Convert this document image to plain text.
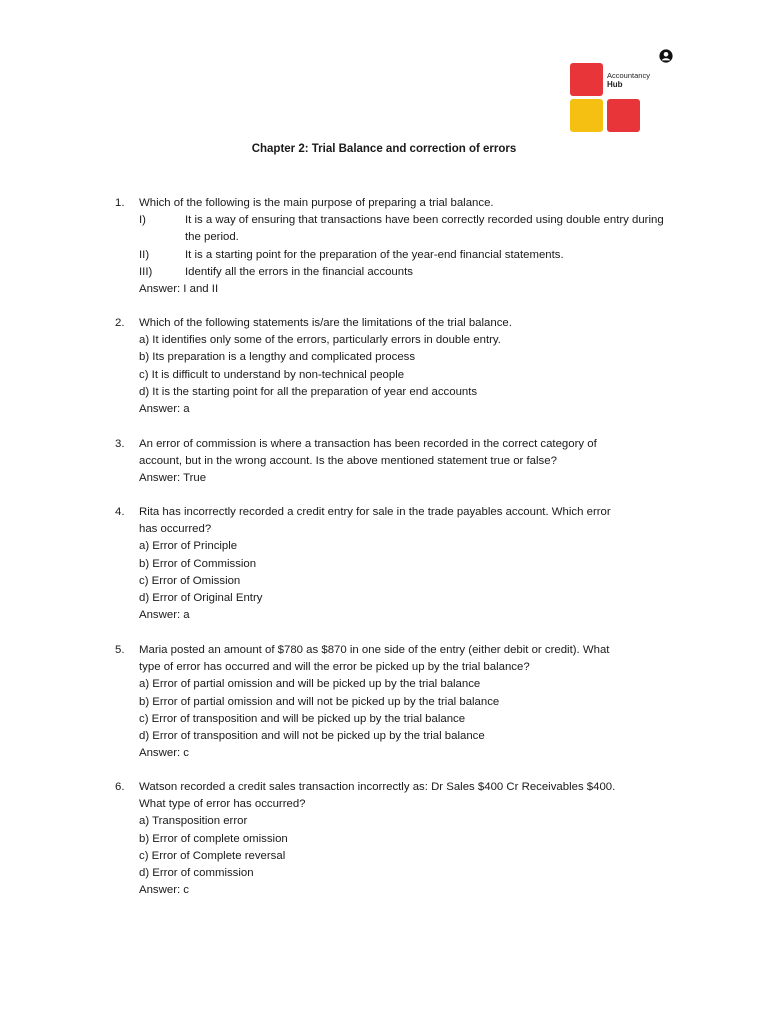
Accountancy
Hub
Chapter 2: Trial Balance and correction of errors
1. Which of the following is the main purpose of preparing a trial balance.
I)	It is a way of ensuring that transactions have been correctly recorded using double entry during the period.
II)	It is a starting point for the preparation of the year-end financial statements.
III)	Identify all the errors in the financial accounts
Answer: I and II
2. Which of the following statements is/are the limitations of the trial balance.
a) It identifies only some of the errors, particularly errors in double entry.
b) Its preparation is a lengthy and complicated process
c) It is difficult to understand by non-technical people
d) It is the starting point for all the preparation of year end accounts
Answer: a
3. An error of commission is where a transaction has been recorded in the correct category of
account, but in the wrong account. Is the above mentioned statement true or false?
Answer: True
4. Rita has incorrectly recorded a credit entry for sale in the trade payables account. Which error
has occurred?
a) Error of Principle
b) Error of Commission
c) Error of Omission
d) Error of Original Entry
Answer: a
5. Maria posted an amount of $780 as $870 in one side of the entry (either debit or credit). What
type of error has occurred and will the error be picked up by the trial balance?
a) Error of partial omission and will be picked up by the trial balance
b) Error of partial omission and will not be picked up by the trial balance
c) Error of transposition and will be picked up by the trial balance
d) Error of transposition and will not be picked up by the trial balance
Answer: c
6. Watson recorded a credit sales transaction incorrectly as: Dr Sales $400 Cr Receivables $400.
What type of error has occurred?
a) Transposition error
b) Error of complete omission
c) Error of Complete reversal
d) Error of commission
Answer: c
